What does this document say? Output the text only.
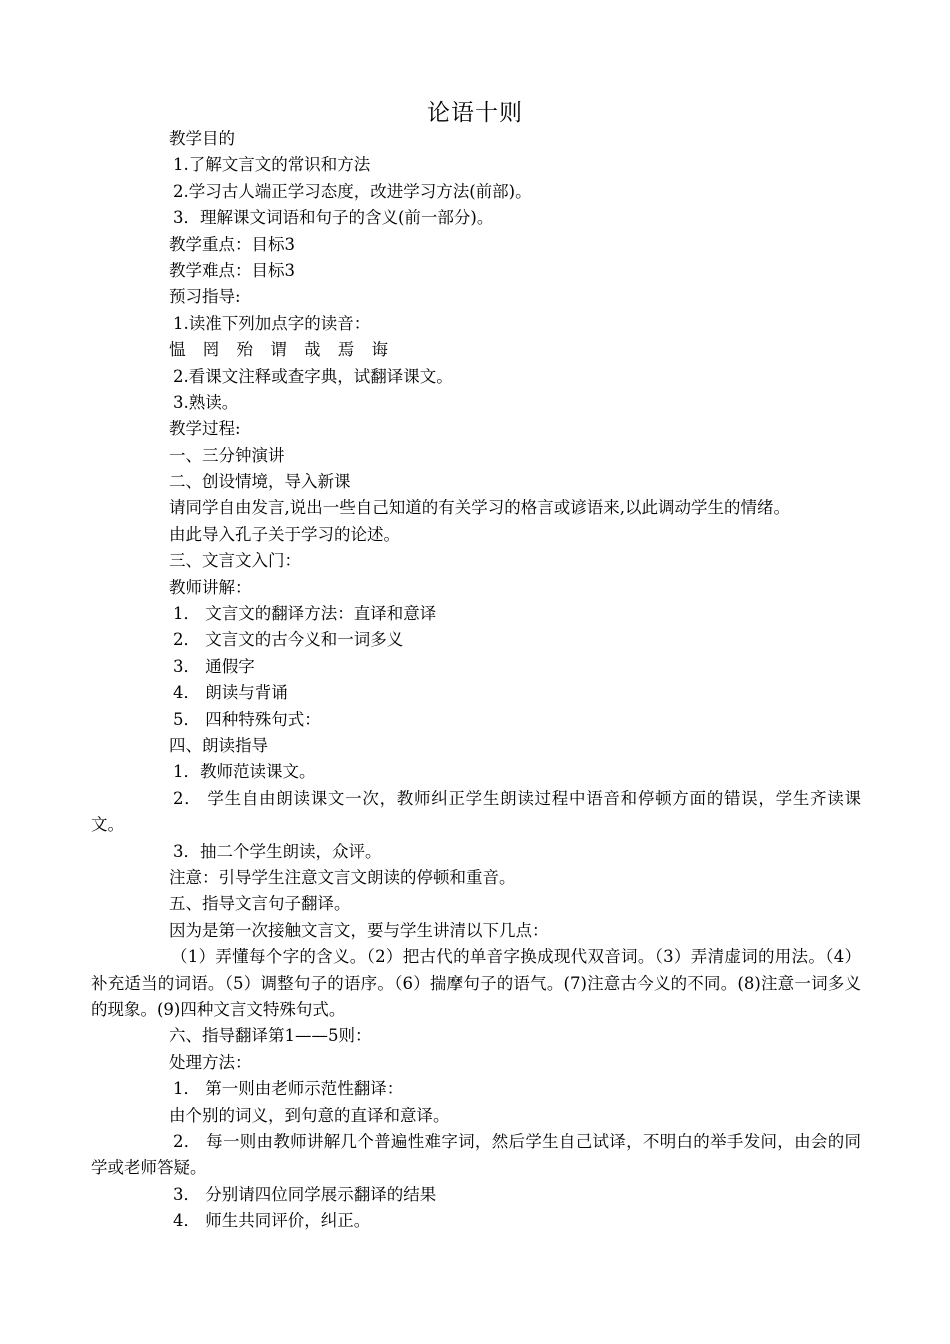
论语十则
教学目的
1.了解文言文的常识和方法
2.学习古人端正学习态度，改进学习方法(前部)。
3．理解课文词语和句子的含义(前一部分)。
教学重点：目标3
教学难点：目标3
预习指导:
1.读准下列加点字的读音：
愠 罔 殆 谓 哉 焉 诲
2.看课文注释或查字典，试翻译课文。
3.熟读。
教学过程:
一、三分钟演讲
二、创设情境，导入新课
请同学自由发言,说出一些自己知道的有关学习的格言或谚语来,以此调动学生的情绪。
由此导入孔子关于学习的论述。
三、文言文入门：
教师讲解：
1． 文言文的翻译方法：直译和意译
2． 文言文的古今义和一词多义
3． 通假字
4． 朗读与背诵
5． 四种特殊句式：
四、朗读指导
1．教师范读课文。
2． 学生自由朗读课文一次，教师纠正学生朗读过程中语音和停顿方面的错误，学生齐读课文。
3．抽二个学生朗读，众评。
注意：引导学生注意文言文朗读的停顿和重音。
五、指导文言句子翻译。
因为是第一次接触文言文，要与学生讲清以下几点：
（1）弄懂每个字的含义。（2）把古代的单音字换成现代双音词。（3）弄清虚词的用法。（4）补充适当的词语。（5）调整句子的语序。（6）揣摩句子的语气。(7)注意古今义的不同。(8)注意一词多义的现象。(9)四种文言文特殊句式。
六、指导翻译第1——5则：
处理方法：
1． 第一则由老师示范性翻译：
由个别的词义，到句意的直译和意译。
2． 每一则由教师讲解几个普遍性难字词，然后学生自己试译，不明白的举手发问，由会的同学或老师答疑。
3． 分别请四位同学展示翻译的结果
4． 师生共同评价，纠正。
